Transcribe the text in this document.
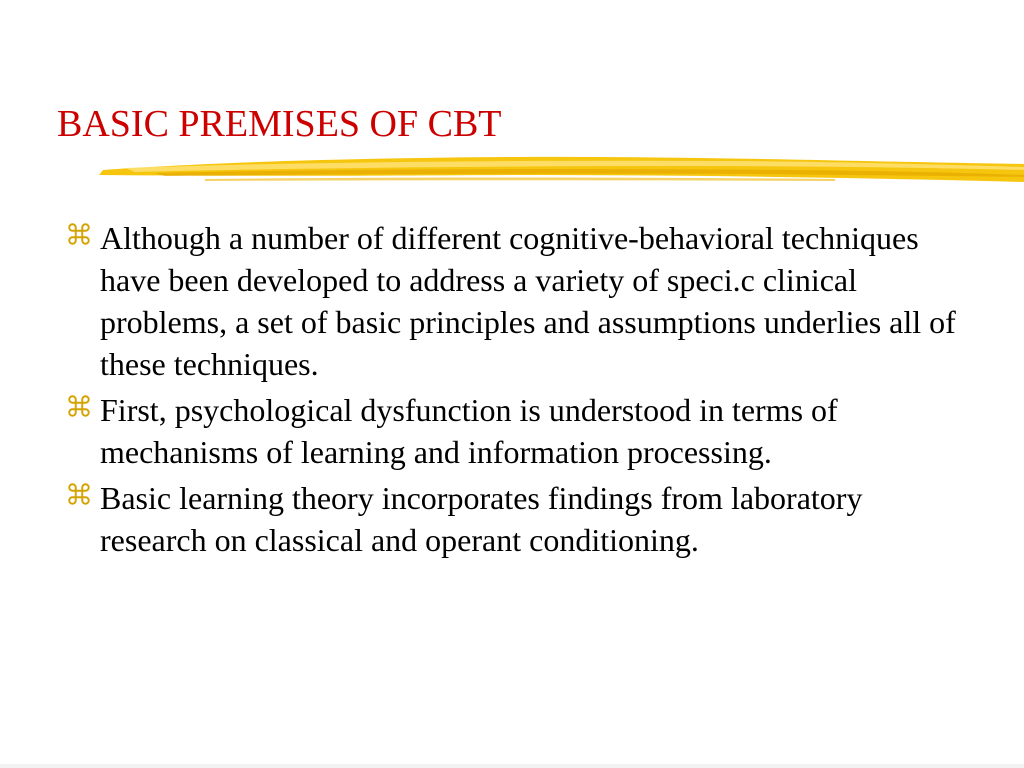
BASIC PREMISES OF CBT
Although a number of different cognitive-behavioral techniques have been developed to address a variety of speci.c clinical problems, a set of basic principles and assumptions underlies all of these techniques.
First, psychological dysfunction is understood in terms of mechanisms of learning and information processing.
Basic learning theory incorporates findings from laboratory research on classical and operant conditioning.
